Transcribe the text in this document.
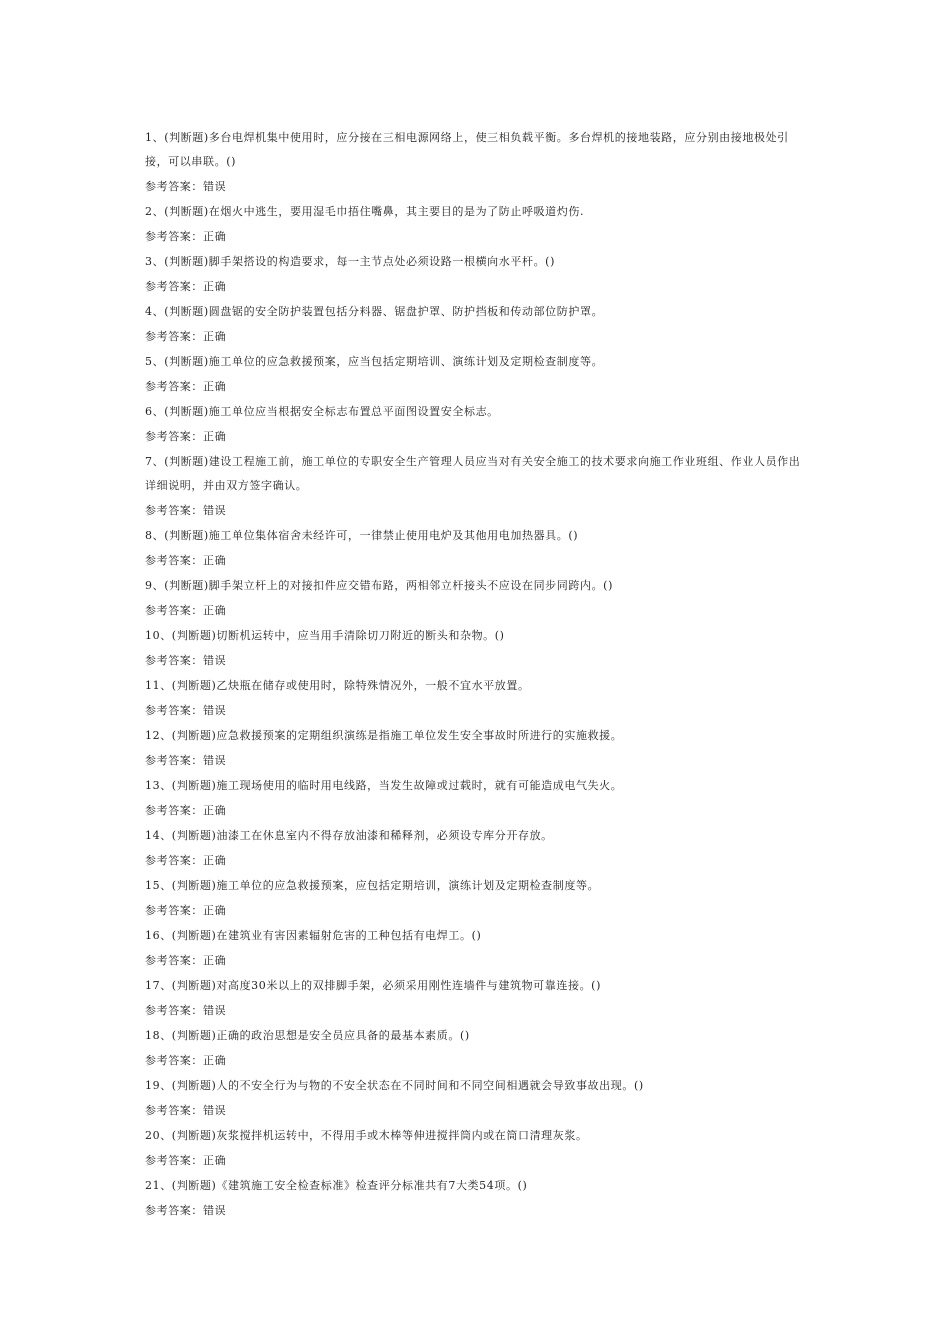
1、(判断题)多台电焊机集中使用时，应分接在三相电源网络上，使三相负载平衡。多台焊机的接地装路，应分别由接地极处引接，可以串联。()

参考答案：错误

2、(判断题)在烟火中逃生，要用湿毛巾捂住嘴鼻，其主要目的是为了防止呼吸道灼伤.

参考答案：正确

3、(判断题)脚手架搭设的构造要求，每一主节点处必须设路一根横向水平杆。()

参考答案：正确

4、(判断题)圆盘锯的安全防护装置包括分料器、锯盘护罩、防护挡板和传动部位防护罩。

参考答案：正确

5、(判断题)施工单位的应急救援预案，应当包括定期培训、演练计划及定期检查制度等。

参考答案：正确

6、(判断题)施工单位应当根据安全标志布置总平面图设置安全标志。

参考答案：正确

7、(判断题)建设工程施工前，施工单位的专职安全生产管理人员应当对有关安全施工的技术要求向施工作业班组、作业人员作出详细说明，并由双方签字确认。

参考答案：错误

8、(判断题)施工单位集体宿舍未经许可，一律禁止使用电炉及其他用电加热器具。()

参考答案：正确

9、(判断题)脚手架立杆上的对接扣件应交错布路，两相邻立杆接头不应设在同步同跨内。()

参考答案：正确

10、(判断题)切断机运转中，应当用手清除切刀附近的断头和杂物。()

参考答案：错误

11、(判断题)乙炔瓶在储存或使用时，除特殊情况外，一般不宜水平放置。

参考答案：错误

12、(判断题)应急救援预案的定期组织演练是指施工单位发生安全事故时所进行的实施救援。

参考答案：错误

13、(判断题)施工现场使用的临时用电线路，当发生故障或过载时，就有可能造成电气失火。

参考答案：正确

14、(判断题)油漆工在休息室内不得存放油漆和稀释剂，必须设专库分开存放。

参考答案：正确

15、(判断题)施工单位的应急救援预案，应包括定期培训，演练计划及定期检查制度等。

参考答案：正确

16、(判断题)在建筑业有害因素辐射危害的工种包括有电焊工。()

参考答案：正确

17、(判断题)对高度30米以上的双排脚手架，必须采用刚性连墙件与建筑物可靠连接。()

参考答案：错误

18、(判断题)正确的政治思想是安全员应具备的最基本素质。()

参考答案：正确

19、(判断题)人的不安全行为与物的不安全状态在不同时间和不同空间相遇就会导致事故出现。()

参考答案：错误

20、(判断题)灰浆搅拌机运转中，不得用手或木棒等伸进搅拌筒内或在筒口清理灰浆。

参考答案：正确

21、(判断题)《建筑施工安全检查标准》检查评分标准共有7大类54项。()

参考答案：错误
